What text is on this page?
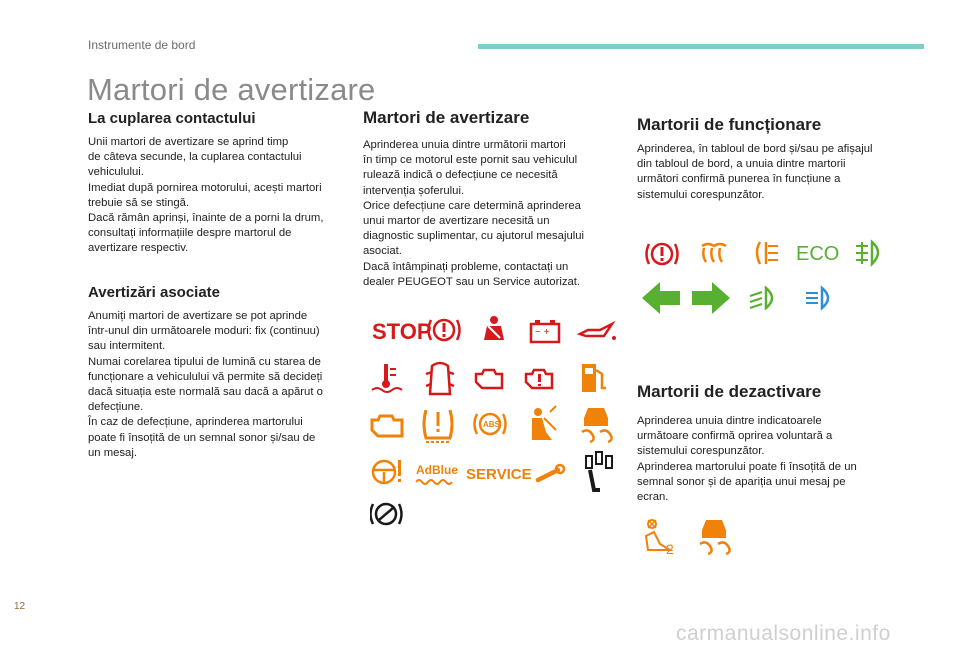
Instrumente de bord
Martori de avertizare
La cuplarea contactului
Unii martori de avertizare se aprind timp
de câteva secunde, la cuplarea contactului
vehiculului.
Imediat după pornirea motorului, acești martori
trebuie să se stingă.
Dacă rămân aprinși, înainte de a porni la drum,
consultați informațiile despre martorul de
avertizare respectiv.
Avertizări asociate
Anumiți martori de avertizare se pot aprinde
într-unul din următoarele moduri: fix (continuu)
sau intermitent.
Numai corelarea tipului de lumină cu starea de
funcționare a vehiculului vă permite să decideți
dacă situația este normală sau dacă a apărut o
defecțiune.
În caz de defecțiune, aprinderea martorului
poate fi însoțită de un semnal sonor și/sau de
un mesaj.
Martori de avertizare
Aprinderea unuia dintre următorii martori
în timp ce motorul este pornit sau vehiculul
rulează indică o defecțiune ce necesită
intervenția șoferului.
Orice defecțiune care determină aprinderea
unui martor de avertizare necesită un
diagnostic suplimentar, cu ajutorul mesajului
asociat.
Dacă întâmpinați probleme, contactați un
dealer PEUGEOT sau un Service autorizat.
STOP	− +
ABS
AdBlue SERVICE
Martorii de funcționare
Aprinderea, în tabloul de bord și/sau pe afișajul
din tabloul de bord, a unuia dintre martorii
următori confirmă punerea în funcțiune a
sistemului corespunzător.
ECO
Martorii de dezactivare
Aprinderea unuia dintre indicatoarele
următoare confirmă oprirea voluntară a
sistemului corespunzător.
Aprinderea martorului poate fi însoțită de un
semnal sonor și de apariția unui mesaj pe
ecran.
2
12
carmanualsonline.info
